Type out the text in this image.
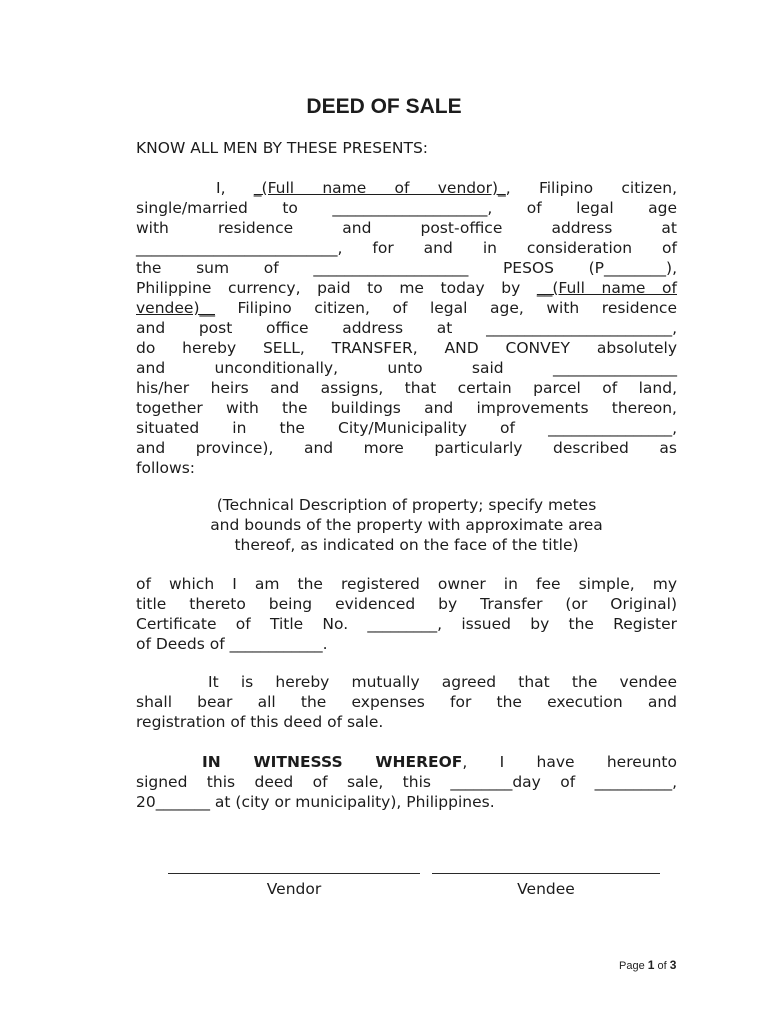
DEED OF SALE
KNOW ALL MEN BY THESE PRESENTS:
I, _(Full name of vendor)_, Filipino citizen,
single/married to ____________________, of legal age
with residence and post-office address at
__________________________, for and in consideration of
the sum of ____________________ PESOS (P________),
Philippine currency, paid to me today by __(Full name of
vendee)__ Filipino citizen, of legal age, with residence
and post office address at ________________________,
do hereby SELL, TRANSFER, AND CONVEY absolutely
and unconditionally, unto said ________________
his/her heirs and assigns, that certain parcel of land,
together with the buildings and improvements thereon,
situated in the City/Municipality of ________________,
and province), and more particularly described as
follows:
(Technical Description of property; specify metes
and bounds of the property with approximate area
thereof, as indicated on the face of the title)
of which I am the registered owner in fee simple, my
title thereto being evidenced by Transfer (or Original)
Certificate of Title No. _________, issued by the Register
of Deeds of ____________.
It is hereby mutually agreed that the vendee
shall bear all the expenses for the execution and
registration of this deed of sale.
IN WITNESSS WHEREOF, I have hereunto
signed this deed of sale, this ________day of __________,
20_______ at (city or municipality), Philippines.
Vendor	Vendee
Page 1 of 3
